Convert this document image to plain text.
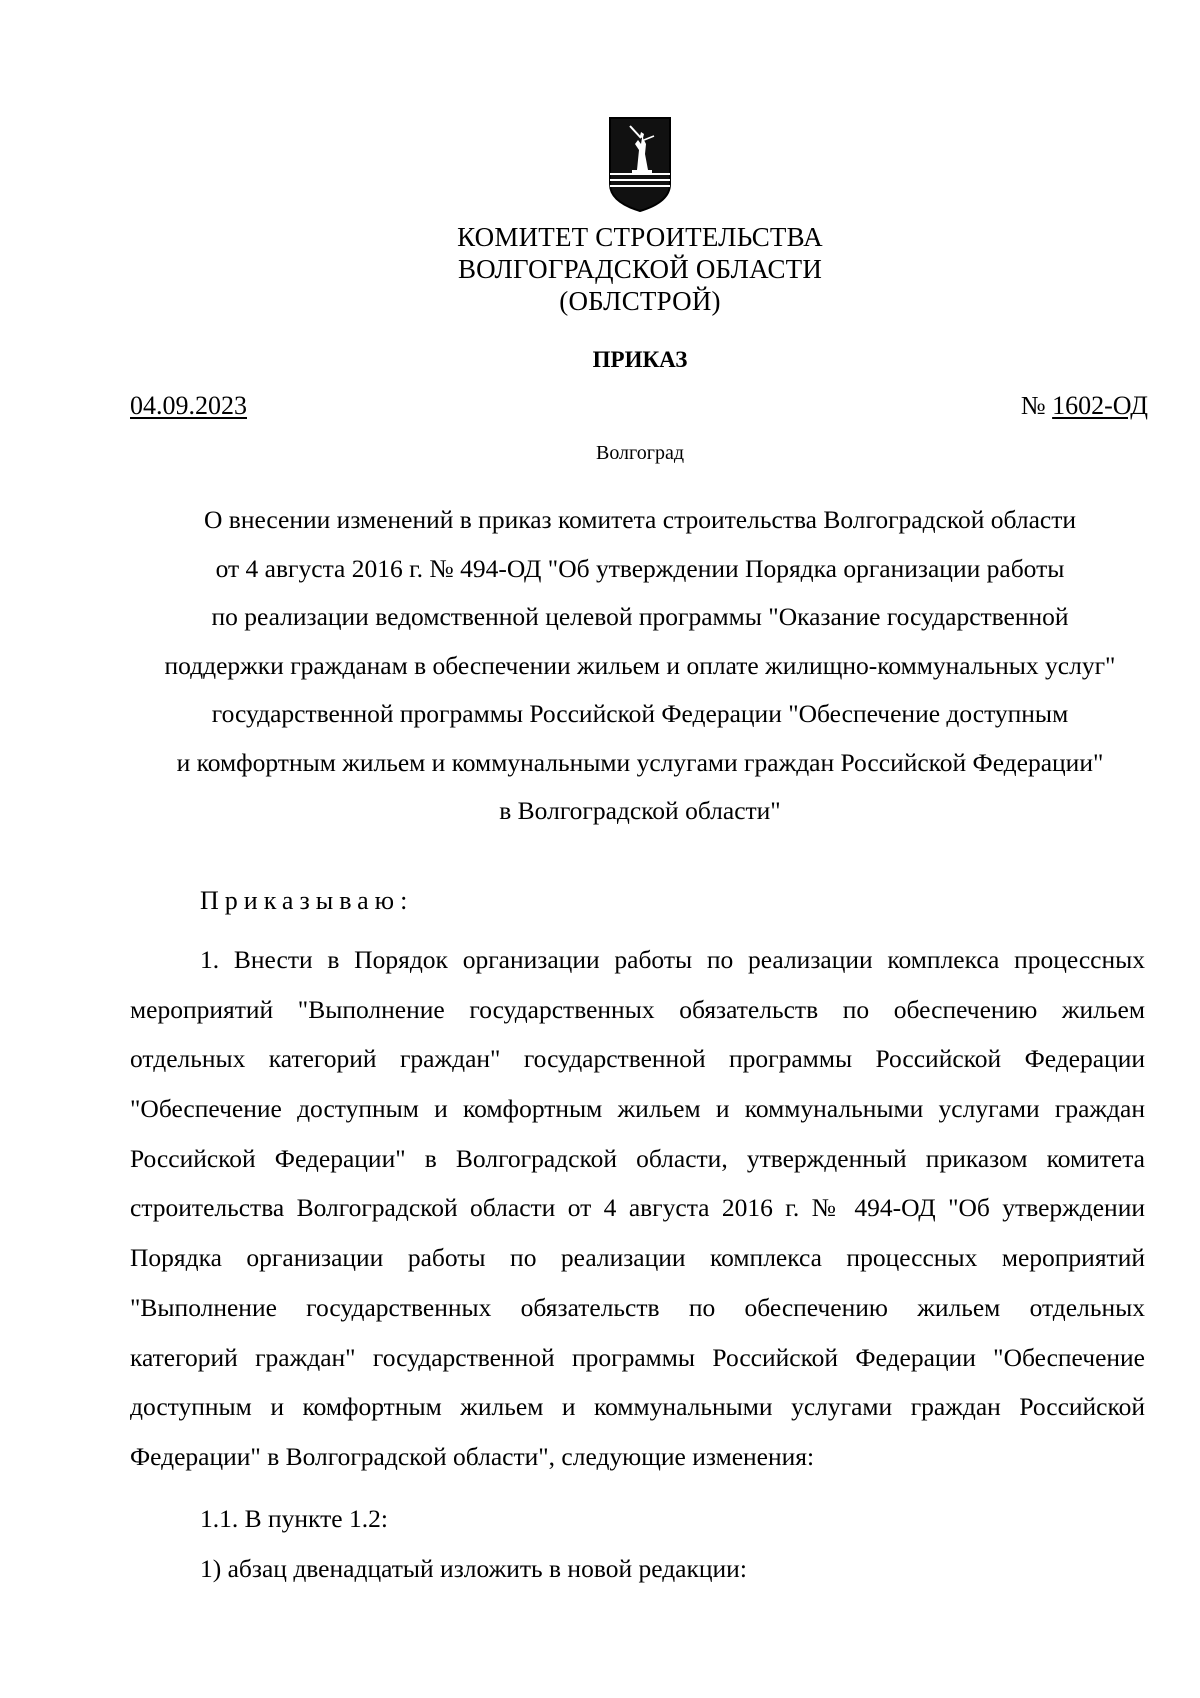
КОМИТЕТ СТРОИТЕЛЬСТВА
ВОЛГОГРАДСКОЙ ОБЛАСТИ
(ОБЛСТРОЙ)
ПРИКАЗ
04.09.2023	№ 1602-ОД
Волгоград
О внесении изменений в приказ комитета строительства Волгоградской области
от 4 августа 2016 г. № 494-ОД "Об утверждении Порядка организации работы
по реализации ведомственной целевой программы "Оказание государственной
поддержки гражданам в обеспечении жильем и оплате жилищно-коммунальных услуг"
государственной программы Российской Федерации "Обеспечение доступным
и комфортным жильем и коммунальными услугами граждан Российской Федерации"
в Волгоградской области"
Приказываю:
1. Внести в Порядок организации работы по реализации комплекса процессных
мероприятий "Выполнение государственных обязательств по обеспечению жильем
отдельных категорий граждан" государственной программы Российской Федерации
"Обеспечение доступным и комфортным жильем и коммунальными услугами граждан
Российской Федерации" в Волгоградской области, утвержденный приказом комитета
строительства Волгоградской области от 4 августа 2016 г. № 494-ОД "Об утверждении
Порядка организации работы по реализации комплекса процессных мероприятий
"Выполнение государственных обязательств по обеспечению жильем отдельных
категорий граждан" государственной программы Российской Федерации "Обеспечение
доступным и комфортным жильем и коммунальными услугами граждан Российской
Федерации" в Волгоградской области", следующие изменения:
1.1. В пункте 1.2:
1) абзац двенадцатый изложить в новой редакции:
